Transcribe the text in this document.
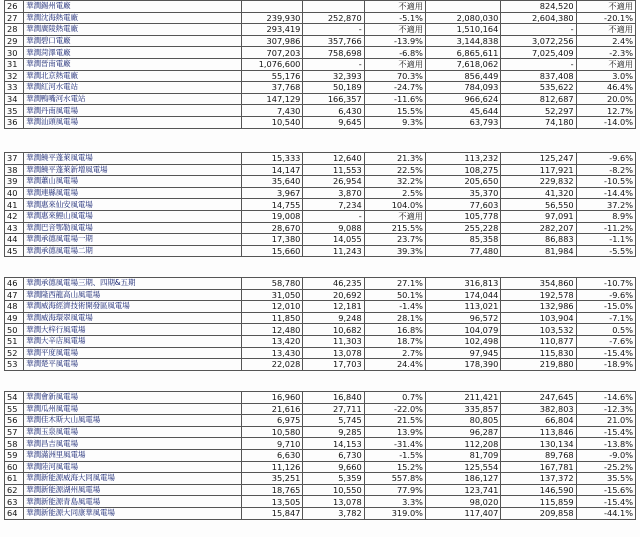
26	華潤錫州電廠			不適用		824,520	不適用
27	華潤沈海熱電廠	239,930	252,870	-5.1%	2,080,030	2,604,380	-20.1%
28	華潤廣陵熱電廠	293,419	-	不適用	1,510,164	-	不適用
29	華潤碧口電廠	307,986	357,766	-13.9%	3,144,838	3,072,256	2.4%
30	華潤菏澤電廠	707,203	758,698	-6.8%	6,865,611	7,025,409	-2.3%
31	華潤晉南電廠	1,076,600	-	不適用	7,618,062	-	不適用
32	華潤北京熱電廠	55,176	32,393	70.3%	856,449	837,408	3.0%
33	華潤紅河水電站	37,768	50,189	-24.7%	784,093	535,622	46.4%
34	華潤鴨嘴河水電站	147,129	166,357	-11.6%	966,624	812,687	20.0%
35	華潤丹南風電場	7,430	6,430	15.5%	45,644	52,297	12.7%
36	華潤汕頭風電場	10,540	9,645	9.3%	63,793	74,180	-14.0%
37	華潤饒平蓬萊風電場	15,333	12,640	21.3%	113,232	125,247	-9.6%
38	華潤饒平蓬萊新增風電場	14,147	11,553	22.5%	108,275	117,921	-8.2%
39	華潤蕭山風電場	35,640	26,954	32.2%	205,650	229,832	-10.5%
40	華潤連縣風電場	3,967	3,870	2.5%	35,370	41,320	-14.4%
41	華潤惠來仙安風電場	14,755	7,234	104.0%	77,603	56,550	37.2%
42	華潤惠來鯉山風電場	19,008	-	不適用	105,778	97,091	8.9%
43	華潤巴音鄂勒風電場	28,670	9,088	215.5%	255,228	282,207	-11.2%
44	華潤承德風電場一期	17,380	14,055	23.7%	85,358	86,883	-1.1%
45	華潤承德風電場二期	15,660	11,243	39.3%	77,480	81,984	-5.5%
46	華潤承德風電場三期、四期&五期	58,780	46,235	27.1%	316,813	354,860	-10.7%
47	華潤隆西龍高山風電場	31,050	20,692	50.1%	174,044	192,578	-9.6%
48	華潤威海經濟技術開發區風電場	12,010	12,181	-1.4%	113,021	132,986	-15.0%
49	華潤威海環翠風電場	11,850	9,248	28.1%	96,572	103,904	-7.1%
50	華潤大梓行風電場	12,480	10,682	16.8%	104,079	103,532	0.5%
51	華潤大辛店風電場	13,420	11,303	18.7%	102,498	110,877	-7.6%
52	華潤平度風電場	13,430	13,078	2.7%	97,945	115,830	-15.4%
53	華潤楚平風電場	22,028	17,703	24.4%	178,390	219,880	-18.9%
54	華潤會新風電場	16,960	16,840	0.7%	211,421	247,645	-14.6%
55	華潤瓜州風電場	21,616	27,711	-22.0%	335,857	382,803	-12.3%
56	華潤佳木斯大山風電場	6,975	5,745	21.5%	80,805	66,804	21.0%
57	華潤玉泉風電場	10,580	9,285	13.9%	96,287	113,846	-15.4%
58	華潤昌吉風電場	9,710	14,153	-31.4%	112,208	130,134	-13.8%
59	華潤滿洲里風電場	6,630	6,730	-1.5%	81,709	89,768	-9.0%
60	華潤陸河風電場	11,126	9,660	15.2%	125,554	167,781	-25.2%
61	華潤新能源威海大同風電場	35,251	5,359	557.8%	186,127	137,372	35.5%
62	華潤新能源湖州風電場	18,765	10,550	77.9%	123,741	146,590	-15.6%
63	華潤新能源青島風電場	13,505	13,078	3.3%	98,020	115,859	-15.4%
64	華潤新能源大同康華風電場	15,847	3,782	319.0%	117,407	209,858	-44.1%
